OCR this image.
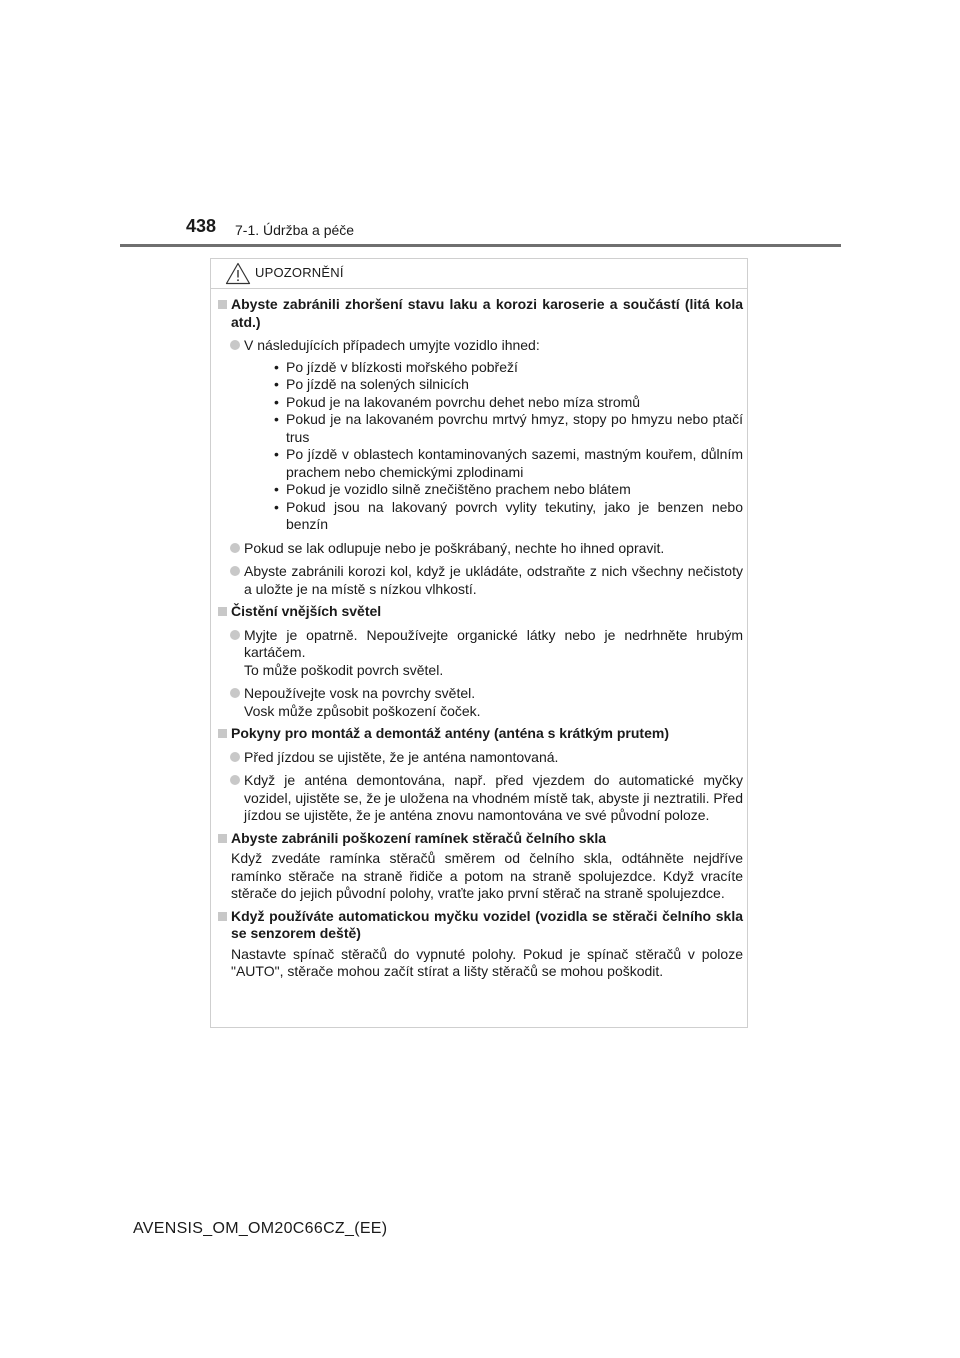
438 7-1. Údržba a péče
UPOZORNĚNÍ
Abyste zabránili zhoršení stavu laku a korozi karoserie a součástí (litá kola atd.)
V následujících případech umyjte vozidlo ihned:
• Po jízdě v blízkosti mořského pobřeží
• Po jízdě na solených silnicích
• Pokud je na lakovaném povrchu dehet nebo míza stromů
• Pokud je na lakovaném povrchu mrtvý hmyz, stopy po hmyzu nebo ptačí trus
• Po jízdě v oblastech kontaminovaných sazemi, mastným kouřem, důlním prachem nebo chemickými zplodinami
• Pokud je vozidlo silně znečištěno prachem nebo blátem
• Pokud jsou na lakovaný povrch vylity tekutiny, jako je benzen nebo benzín
Pokud se lak odlupuje nebo je poškrábaný, nechte ho ihned opravit.
Abyste zabránili korozi kol, když je ukládáte, odstraňte z nich všechny nečistoty a uložte je na místě s nízkou vlhkostí.
Čistění vnějších světel
Myjte je opatrně. Nepoužívejte organické látky nebo je nedrhněte hrubým kartáčem.
To může poškodit povrch světel.
Nepoužívejte vosk na povrchy světel.
Vosk může způsobit poškození čoček.
Pokyny pro montáž a demontáž antény (anténa s krátkým prutem)
Před jízdou se ujistěte, že je anténa namontovaná.
Když je anténa demontována, např. před vjezdem do automatické myčky vozidel, ujistěte se, že je uložena na vhodném místě tak, abyste ji neztratili. Před jízdou se ujistěte, že je anténa znovu namontována ve své původní poloze.
Abyste zabránili poškození ramínek stěračů čelního skla
Když zvedáte ramínka stěračů směrem od čelního skla, odtáhněte nejdříve ramínko stěrače na straně řidiče a potom na straně spolujezdce. Když vracíte stěrače do jejich původní polohy, vraťte jako první stěrač na straně spolujezdce.
Když používáte automatickou myčku vozidel (vozidla se stěrači čelního skla se senzorem deště)
Nastavte spínač stěračů do vypnuté polohy. Pokud je spínač stěračů v poloze "AUTO", stěrače mohou začít stírat a lišty stěračů se mohou poškodit.
AVENSIS_OM_OM20C66CZ_(EE)
